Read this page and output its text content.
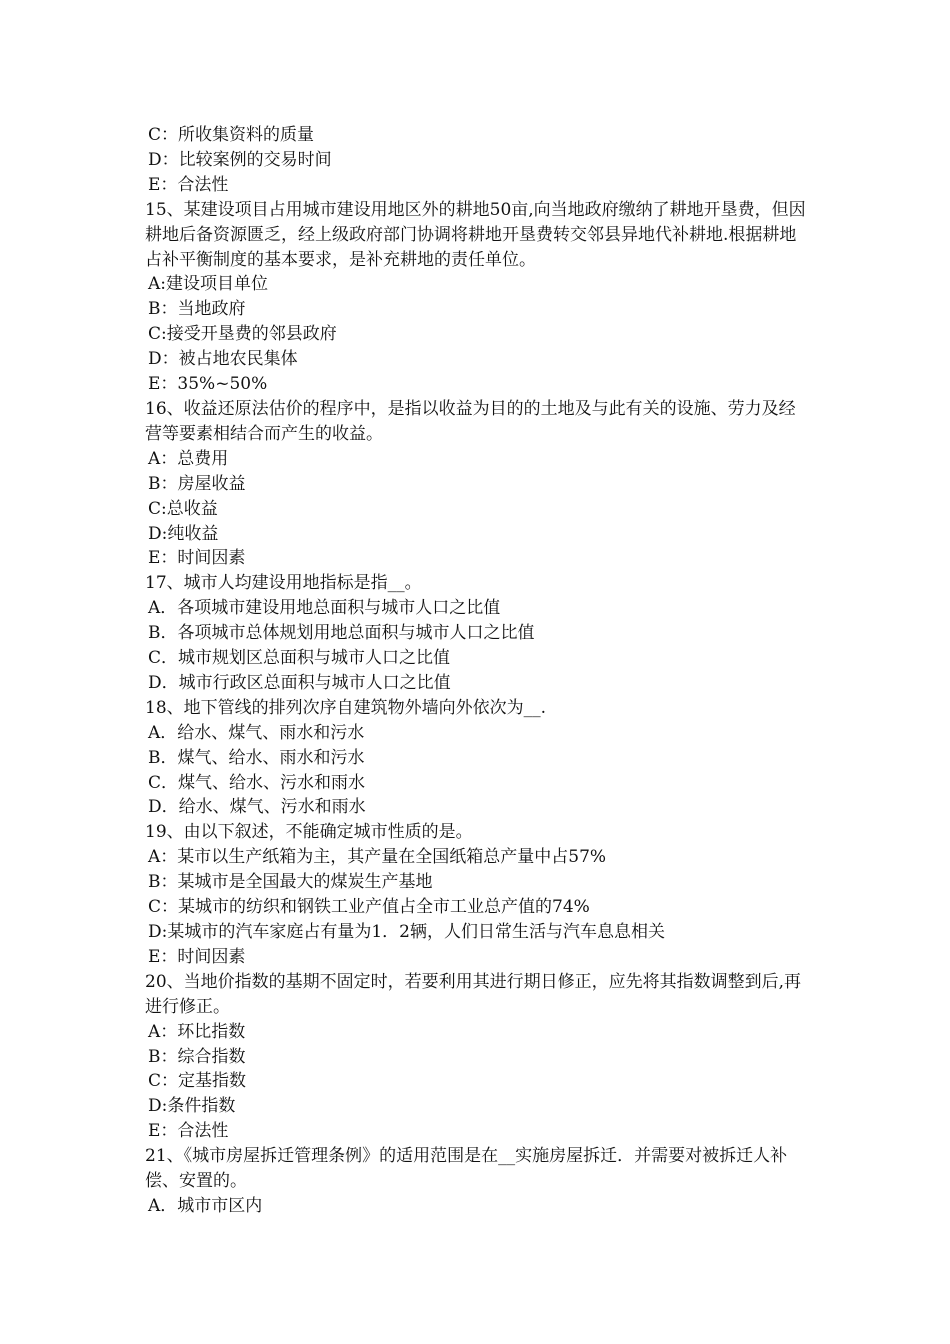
C：所收集资料的质量
D：比较案例的交易时间
E：合法性
15、某建设项目占用城市建设用地区外的耕地50亩,向当地政府缴纳了耕地开垦费，但因耕地后备资源匮乏，经上级政府部门协调将耕地开垦费转交邻县异地代补耕地.根据耕地占补平衡制度的基本要求，是补充耕地的责任单位。
A:建设项目单位
B：当地政府
C:接受开垦费的邻县政府
D：被占地农民集体
E：35%~50%
16、收益还原法估价的程序中，是指以收益为目的的土地及与此有关的设施、劳力及经营等要素相结合而产生的收益。
A：总费用
B：房屋收益
C:总收益
D:纯收益
E：时间因素
17、城市人均建设用地指标是指__。
A．各项城市建设用地总面积与城市人口之比值
B．各项城市总体规划用地总面积与城市人口之比值
C．城市规划区总面积与城市人口之比值
D．城市行政区总面积与城市人口之比值
18、地下管线的排列次序自建筑物外墙向外依次为__.
A．给水、煤气、雨水和污水
B．煤气、给水、雨水和污水
C．煤气、给水、污水和雨水
D．给水、煤气、污水和雨水
19、由以下叙述，不能确定城市性质的是。
A：某市以生产纸箱为主，其产量在全国纸箱总产量中占57%
B：某城市是全国最大的煤炭生产基地
C：某城市的纺织和钢铁工业产值占全市工业总产值的74%
D:某城市的汽车家庭占有量为1．2辆，人们日常生活与汽车息息相关
E：时间因素
20、当地价指数的基期不固定时，若要利用其进行期日修正，应先将其指数调整到后,再进行修正。
A：环比指数
B：综合指数
C：定基指数
D:条件指数
E：合法性
21、《城市房屋拆迁管理条例》的适用范围是在__实施房屋拆迁．并需要对被拆迁人补偿、安置的。
A．城市市区内
